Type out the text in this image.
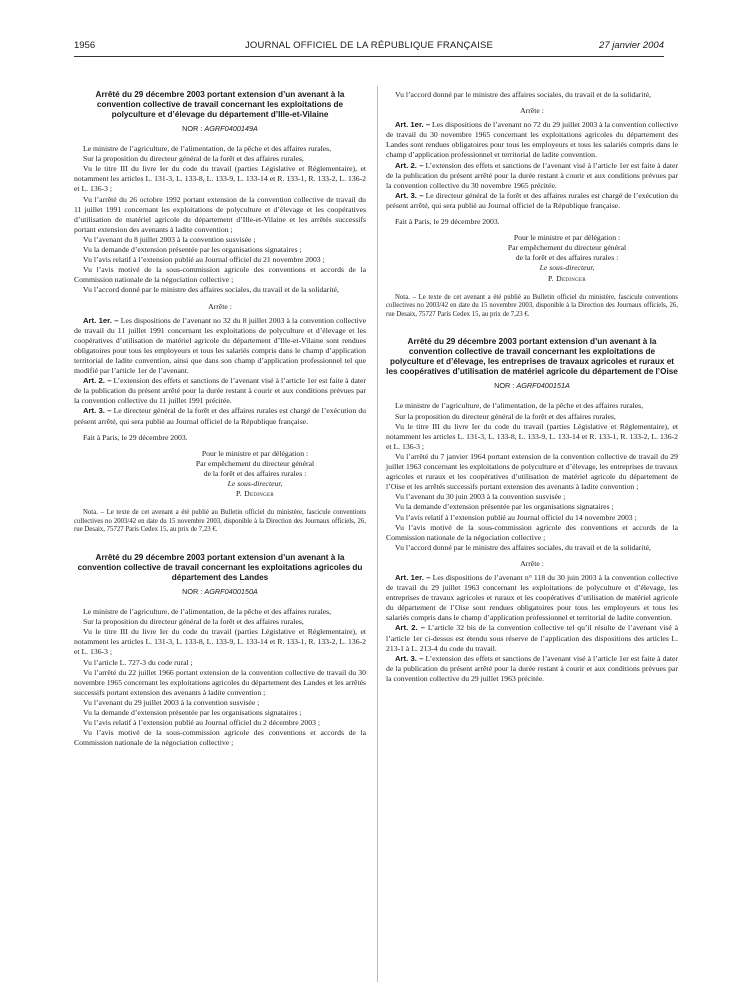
1956	JOURNAL OFFICIEL DE LA RÉPUBLIQUE FRANÇAISE	27 janvier 2004
Arrêté du 29 décembre 2003 portant extension d’un avenant à la convention collective de travail concernant les exploitations de polyculture et d’élevage du département d’Ille-et-Vilaine
NOR : AGRF0400149A

Le ministre de l’agriculture, de l’alimentation, de la pêche et des affaires rurales,

Sur la proposition du directeur général de la forêt et des affaires rurales,

Vu le titre III du livre Ier du code du travail (parties Législative et Réglementaire), et notamment les articles L. 131-3, L. 133-8, L. 133-9, L. 133-14 et R. 133-1, R. 133-2, L. 136-2 et L. 136-3 ;

Vu l’arrêté du 26 octobre 1992 portant extension de la convention collective de travail du 11 juillet 1991 concernant les exploitations de polyculture et d’élevage et les coopératives d’utilisation de matériel agricole du département d’Ille-et-Vilaine et les arrêtés successifs portant extension des avenants à ladite convention ;

Vu l’avenant du 8 juillet 2003 à la convention susvisée ;

Vu la demande d’extension présentée par les organisations signataires ;

Vu l’avis relatif à l’extension publié au Journal officiel du 21 novembre 2003 ;

Vu l’avis motivé de la sous-commission agricole des conventions et accords de la Commission nationale de la négociation collective ;

Vu l’accord donné par le ministre des affaires sociales, du travail et de la solidarité,

Arrête :

Art. 1er. – Les dispositions de l’avenant no 32 du 8 juillet 2003 à la convention collective de travail du 11 juillet 1991 concernant les exploitations de polyculture et d’élevage et les coopératives d’utilisation de matériel agricole du département d’Ille-et-Vilaine sont rendues obligatoires pour tous les employeurs et tous les salariés compris dans le champ d’application territorial de ladite convention, ainsi que dans son champ d’application professionnel tel que modifié par l’article 1er de l’avenant.

Art. 2. – L’extension des effets et sanctions de l’avenant visé à l’article 1er est faite à dater de la publication du présent arrêté pour la durée restant à courir et aux conditions prévues par la convention collective du 11 juillet 1991 précitée.

Art. 3. – Le directeur général de la forêt et des affaires rurales est chargé de l’exécution du présent arrêté, qui sera publié au Journal officiel de la République française.

Fait à Paris, le 29 décembre 2003.
Pour le ministre et par délégation :
Par empêchement du directeur général
de la forêt et des affaires rurales :
Le sous-directeur,
P. Dedinger
Nota. – Le texte de cet avenant a été publié au Bulletin officiel du ministère, fascicule conventions collectives no 2003/42 en date du 15 novembre 2003, disponible à la Direction des Journaux officiels, 26, rue Desaix, 75727 Paris Cedex 15, au prix de 7,23 €.
Arrêté du 29 décembre 2003 portant extension d’un avenant à la convention collective de travail concernant les exploitations agricoles du département des Landes
NOR : AGRF0400150A

Le ministre de l’agriculture, de l’alimentation, de la pêche et des affaires rurales,

Sur la proposition du directeur général de la forêt et des affaires rurales,

Vu le titre III du livre Ier du code du travail (parties Législative et Réglementaire), et notamment les articles L. 131-3, L. 133-8, L. 133-9, L. 133-14 et R. 133-1, R. 133-2, L. 136-2 et L. 136-3 ;

Vu l’article L. 727-3 du code rural ;

Vu l’arrêté du 22 juillet 1966 portant extension de la convention collective de travail du 30 novembre 1965 concernant les exploitations agricoles du département des Landes et les arrêtés successifs portant extension des avenants à ladite convention ;

Vu l’avenant du 29 juillet 2003 à la convention susvisée ;

Vu la demande d’extension présentée par les organisations signataires ;

Vu l’avis relatif à l’extension publié au Journal officiel du 2 décembre 2003 ;

Vu l’avis motivé de la sous-commission agricole des conventions et accords de la Commission nationale de la négociation collective ;

Vu l’accord donné par le ministre des affaires sociales, du travail et de la solidarité,

Arrête :

Art. 1er. – Les dispositions de l’avenant no 72 du 29 juillet 2003 à la convention collective de travail du 30 novembre 1965 concernant les exploitations agricoles du département des Landes sont rendues obligatoires pour tous les employeurs et tous les salariés compris dans le champ d’application professionnel et territorial de ladite convention.

Art. 2. – L’extension des effets et sanctions de l’avenant visé à l’article 1er est faite à dater de la publication du présent arrêté pour la durée restant à courir et aux conditions prévues par la convention collective du 30 novembre 1965 précitée.

Art. 3. – Le directeur général de la forêt et des affaires rurales est chargé de l’exécution du présent arrêté, qui sera publié au Journal officiel de la République française.

Fait à Paris, le 29 décembre 2003.
Pour le ministre et par délégation :
Par empêchement du directeur général
de la forêt et des affaires rurales :
Le sous-directeur,
P. Dedinger
Nota. – Le texte de cet avenant a été publié au Bulletin officiel du ministère, fascicule conventions collectives no 2003/42 en date du 15 novembre 2003, disponible à la Direction des Journaux officiels, 26, rue Desaix, 75727 Paris Cedex 15, au prix de 7,23 €.
Arrêté du 29 décembre 2003 portant extension d’un avenant à la convention collective de travail concernant les exploitations de polyculture et d’élevage, les entreprises de travaux agricoles et ruraux et les coopératives d’utilisation de matériel agricole du département de l’Oise
NOR : AGRF0400151A

Le ministre de l’agriculture, de l’alimentation, de la pêche et des affaires rurales,

Sur la proposition du directeur général de la forêt et des affaires rurales,

Vu le titre III du livre Ier du code du travail (parties Législative et Réglementaire), et notamment les articles L. 131-3, L. 133-8, L. 133-9, L. 133-14 et R. 133-1, R. 133-2, L. 136-2 et L. 136-3 ;

Vu l’arrêté du 7 janvier 1964 portant extension de la convention collective de travail du 29 juillet 1963 concernant les exploitations de polyculture et d’élevage, les entreprises de travaux agricoles et ruraux et les coopératives d’utilisation de matériel agricole du département de l’Oise et les arrêtés successifs portant extension des avenants à ladite convention ;

Vu l’avenant du 30 juin 2003 à la convention susvisée ;

Vu la demande d’extension présentée par les organisations signataires ;

Vu l’avis relatif à l’extension publié au Journal officiel du 14 novembre 2003 ;

Vu l’avis motivé de la sous-commission agricole des conventions et accords de la Commission nationale de la négociation collective ;

Vu l’accord donné par le ministre des affaires sociales, du travail et de la solidarité,

Arrête :

Art. 1er. – Les dispositions de l’avenant n° 118 du 30 juin 2003 à la convention collective de travail du 29 juillet 1963 concernant les exploitations de polyculture et d’élevage, les entreprises de travaux agricoles et ruraux et les coopératives d’utilisation de matériel agricole du département de l’Oise sont rendues obligatoires pour tous les employeurs et tous les salariés compris dans le champ d’application professionnel et territorial de ladite convention.

Art. 2. – L’article 32 bis de la convention collective tel qu’il résulte de l’avenant visé à l’article 1er ci-dessus est étendu sous réserve de l’application des dispositions des articles L. 213-1 à L. 213-4 du code du travail.

Art. 3. – L’extension des effets et sanctions de l’avenant visé à l’article 1er est faite à dater de la publication du présent arrêté pour la durée restant à courir et aux conditions prévues par la convention collective du 29 juillet 1963 précitée.
